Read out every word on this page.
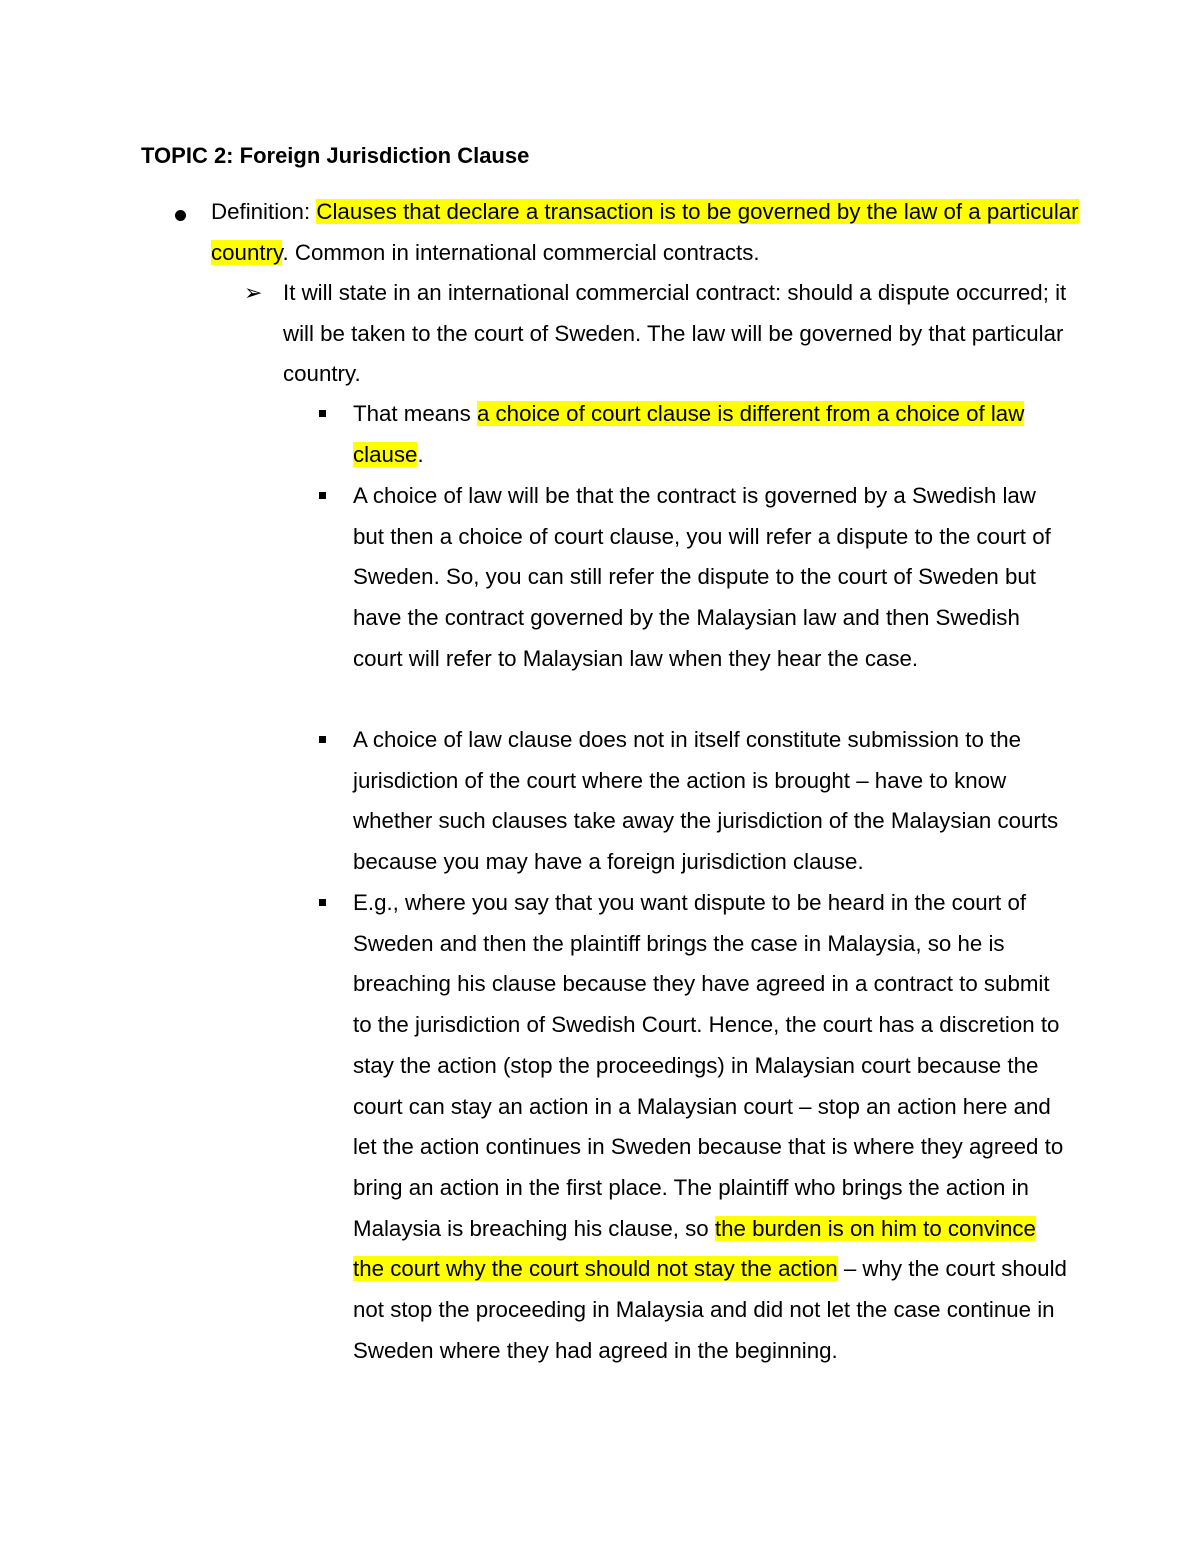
TOPIC 2: Foreign Jurisdiction Clause
Definition: Clauses that declare a transaction is to be governed by the law of a particular country. Common in international commercial contracts.
➢ It will state in an international commercial contract: should a dispute occurred; it will be taken to the court of Sweden. The law will be governed by that particular country.
That means a choice of court clause is different from a choice of law clause.
A choice of law will be that the contract is governed by a Swedish law but then a choice of court clause, you will refer a dispute to the court of Sweden. So, you can still refer the dispute to the court of Sweden but have the contract governed by the Malaysian law and then Swedish court will refer to Malaysian law when they hear the case.
A choice of law clause does not in itself constitute submission to the jurisdiction of the court where the action is brought – have to know whether such clauses take away the jurisdiction of the Malaysian courts because you may have a foreign jurisdiction clause.
E.g., where you say that you want dispute to be heard in the court of Sweden and then the plaintiff brings the case in Malaysia, so he is breaching his clause because they have agreed in a contract to submit to the jurisdiction of Swedish Court. Hence, the court has a discretion to stay the action (stop the proceedings) in Malaysian court because the court can stay an action in a Malaysian court – stop an action here and let the action continues in Sweden because that is where they agreed to bring an action in the first place. The plaintiff who brings the action in Malaysia is breaching his clause, so the burden is on him to convince the court why the court should not stay the action – why the court should not stop the proceeding in Malaysia and did not let the case continue in Sweden where they had agreed in the beginning.
